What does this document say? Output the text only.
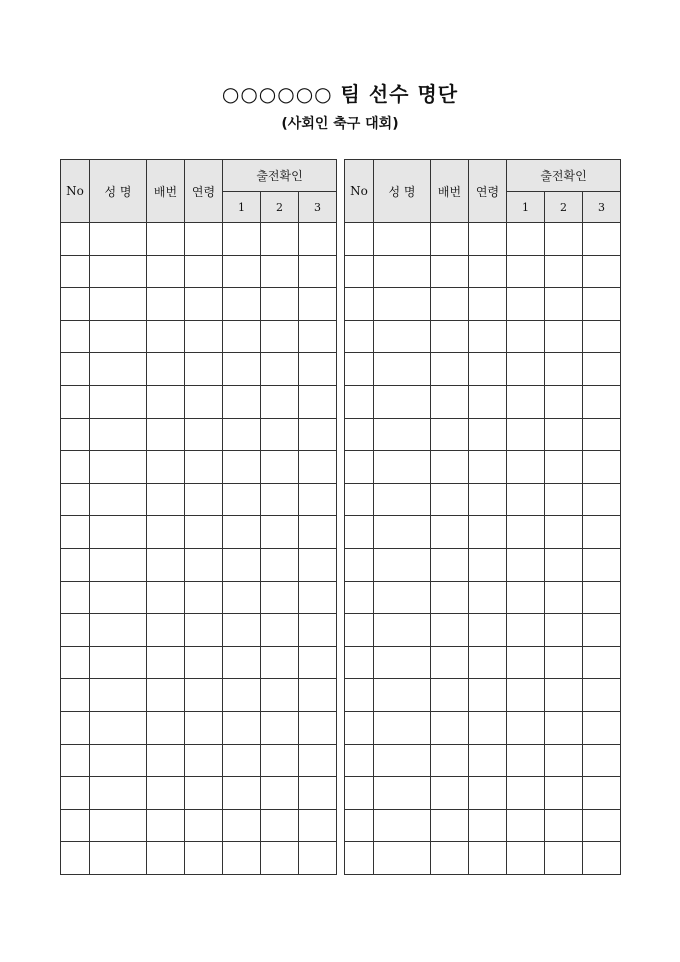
○○○○○○ 팀 선수 명단
(사회인 축구 대회)
No	성 명	배번	연령	출전확인		
				1	2	3

No	성 명	배번	연령	출전확인		
				1	2	3
